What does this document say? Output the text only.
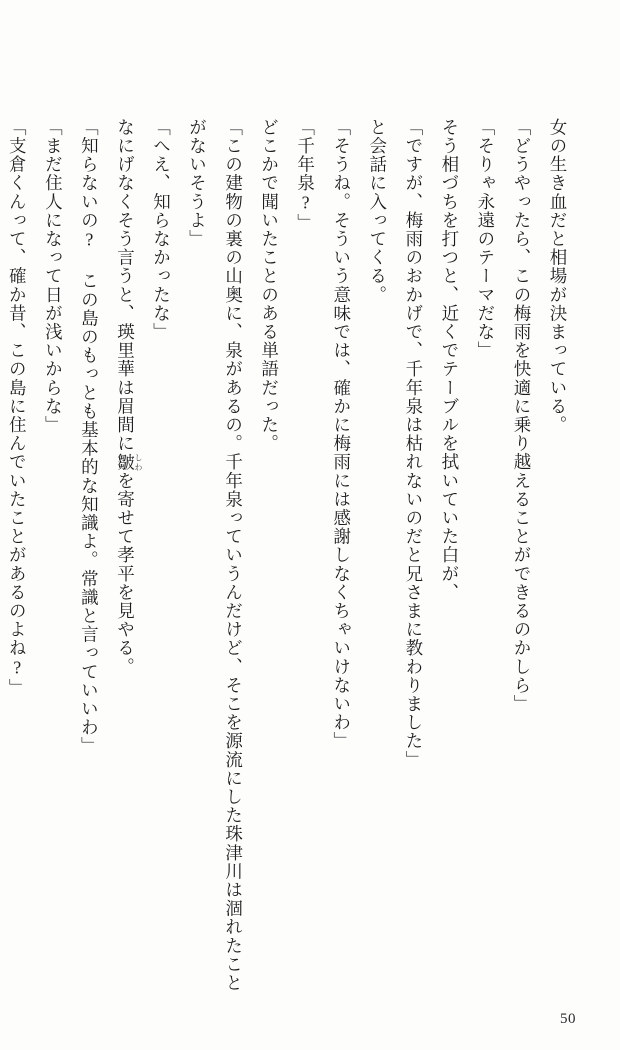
女の生き血だと相場が決まっている。

「どうやったら、この梅雨を快適に乗り越えることができるのかしら」

「そりゃ永遠のテーマだな」

そう相づちを打つと、近くでテーブルを拭いていた白が、

「ですが、梅雨のおかげで、千年泉は枯れないのだと兄さまに教わりました」

と会話に入ってくる。

「そうね。そういう意味では、確かに梅雨には感謝しなくちゃいけないわ」

「千年泉?」

どこかで聞いたことのある単語だった。

「この建物の裏の山奥に、泉があるの。千年泉っていうんだけど、そこを源流にした珠津川は涸れたことがないそうよ」

「へえ、知らなかったな」

なにげなくそう言うと、瑛里華は眉間に皺しわを寄せて孝平を見やる。

「知らないの? この島のもっとも基本的な知識よ。常識と言っていいわ」

「まだ住人になって日が浅いからな」

「支倉くんって、確か昔、この島に住んでいたことがあるのよね?」

50
